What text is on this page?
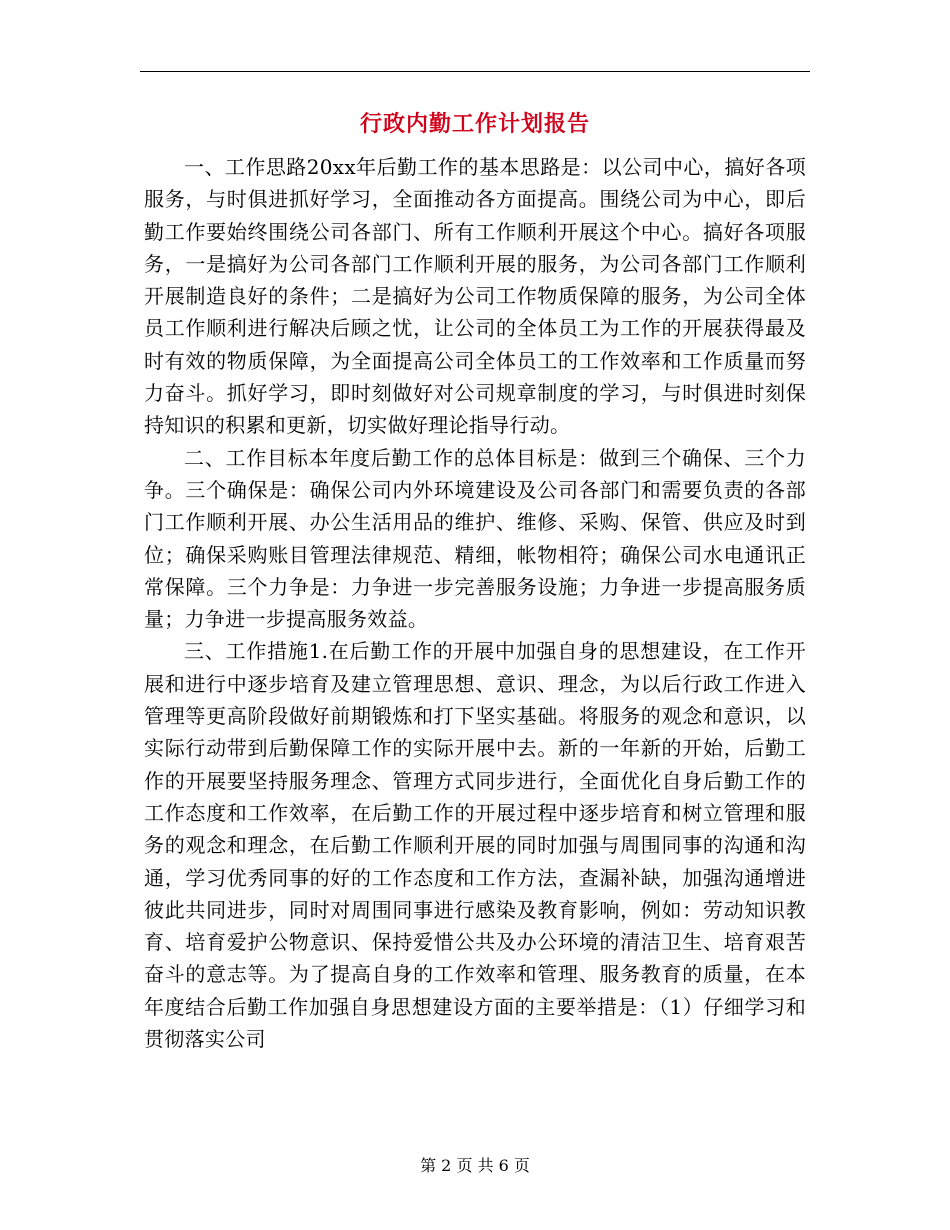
行政内勤工作计划报告

一、工作思路20xx年后勤工作的基本思路是：以公司中心，搞好各项服务，与时俱进抓好学习，全面推动各方面提高。围绕公司为中心，即后勤工作要始终围绕公司各部门、所有工作顺利开展这个中心。搞好各项服务，一是搞好为公司各部门工作顺利开展的服务，为公司各部门工作顺利开展制造良好的条件；二是搞好为公司工作物质保障的服务，为公司全体员工作顺利进行解决后顾之忧，让公司的全体员工为工作的开展获得最及时有效的物质保障，为全面提高公司全体员工的工作效率和工作质量而努力奋斗。抓好学习，即时刻做好对公司规章制度的学习，与时俱进时刻保持知识的积累和更新，切实做好理论指导行动。

二、工作目标本年度后勤工作的总体目标是：做到三个确保、三个力争。三个确保是：确保公司内外环境建设及公司各部门和需要负责的各部门工作顺利开展、办公生活用品的维护、维修、采购、保管、供应及时到位；确保采购账目管理法律规范、精细，帐物相符；确保公司水电通讯正常保障。三个力争是：力争进一步完善服务设施；力争进一步提高服务质量；力争进一步提高服务效益。

三、工作措施1.在后勤工作的开展中加强自身的思想建设，在工作开展和进行中逐步培育及建立管理思想、意识、理念，为以后行政工作进入管理等更高阶段做好前期锻炼和打下坚实基础。将服务的观念和意识，以实际行动带到后勤保障工作的实际开展中去。新的一年新的开始，后勤工作的开展要坚持服务理念、管理方式同步进行，全面优化自身后勤工作的工作态度和工作效率，在后勤工作的开展过程中逐步培育和树立管理和服务的观念和理念，在后勤工作顺利开展的同时加强与周围同事的沟通和沟通，学习优秀同事的好的工作态度和工作方法，查漏补缺，加强沟通增进彼此共同进步，同时对周围同事进行感染及教育影响，例如：劳动知识教育、培育爱护公物意识、保持爱惜公共及办公环境的清洁卫生、培育艰苦奋斗的意志等。为了提高自身的工作效率和管理、服务教育的质量，在本年度结合后勤工作加强自身思想建设方面的主要举措是：（1）仔细学习和贯彻落实公司

第 2 页 共 6 页
